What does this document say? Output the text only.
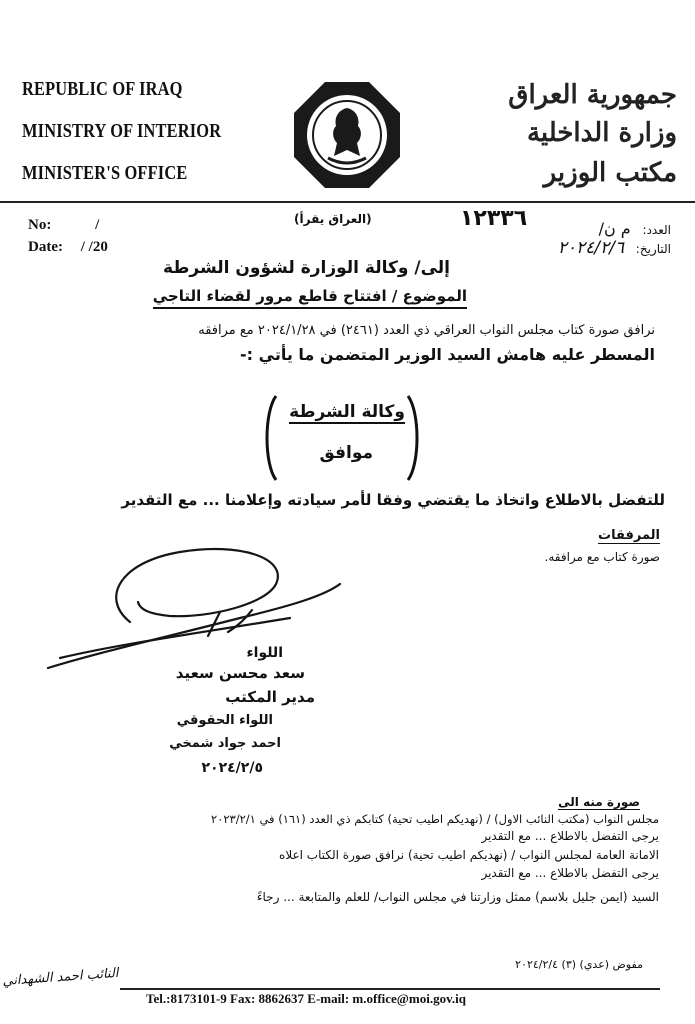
REPUBLIC OF IRAQ
MINISTRY OF INTERIOR
MINISTER'S OFFICE
جمهورية العراق
وزارة الداخلية
مكتب الوزير
No:	/
Date: / /20
(العراق يقرأ)	١٢٣٣٦	العدد: م ن/
التاريخ: ٢٠٢٤/٢/٦
إلى/ وكالة الوزارة لشؤون الشرطة
الموضوع / افتتاح قاطع مرور لقضاء التاجي
نرافق صورة كتاب مجلس النواب العراقي ذي العدد (٢٤٦١) في ٢٠٢٤/١/٢٨ مع مرافقه
المسطر عليه هامش السيد الوزير المتضمن ما يأتي :-
وكالة الشرطة
موافق
للتفضل بالاطلاع واتخاذ ما يقتضي وفقا لأمر سيادته وإعلامنا ... مع التقدير
المرفقات
صورة كتاب مع مرافقه.
اللواء
سعد محسن سعيد
مدير المكتب
اللواء الحقوقي
احمد جواد شمخي
٢٠٢٤/٢/٥
صورة منه الى
مجلس النواب (مكتب النائب الاول) / (نهديكم اطيب تحية) كتابكم ذي العدد (١٦١) في ٢٠٢٣/٢/١
يرجى التفضل بالاطلاع ... مع التقدير
الامانة العامة لمجلس النواب / (نهديكم اطيب تحية) نرافق صورة الكتاب اعلاه
يرجى التفضل بالاطلاع ... مع التقدير
السيد (ايمن جليل بلاسم) ممثل وزارتنا في مجلس النواب/ للعلم والمتابعة ... رجاءً
مفوض (عدي) (٣) ٢٠٢٤/٢/٤
Tel.:8173101-9 Fax: 8862637 E-mail: m.office@moi.gov.iq
النائب احمد الشهداني
